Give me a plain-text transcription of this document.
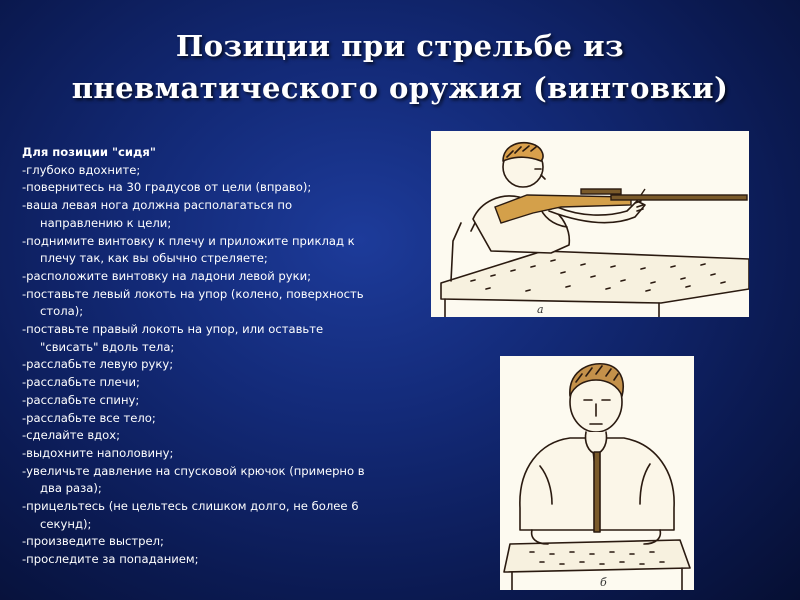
Позиции при стрельбе из
пневматического оружия (винтовки)
Для позиции "сидя"
-глубоко вдохните;
-повернитесь на 30 градусов от цели (вправо);
-ваша левая нога должна располагаться по направлению к цели;
-поднимите винтовку к плечу и приложите приклад к плечу так, как вы обычно стреляете;
-расположите винтовку на ладони левой руки;
-поставьте левый локоть на упор (колено, поверхность стола);
-поставьте правый локоть на упор, или оставьте "свисать" вдоль тела;
-расслабьте левую руку;
-расслабьте плечи;
-расслабьте спину;
-расслабьте все тело;
-сделайте вдох;
-выдохните наполовину;
-увеличьте давление на спусковой крючок (примерно в два раза);
-прицельтесь (не цельтесь слишком долго, не более 6 секунд);
-произведите выстрел;
-проследите за попаданием;
а
б
